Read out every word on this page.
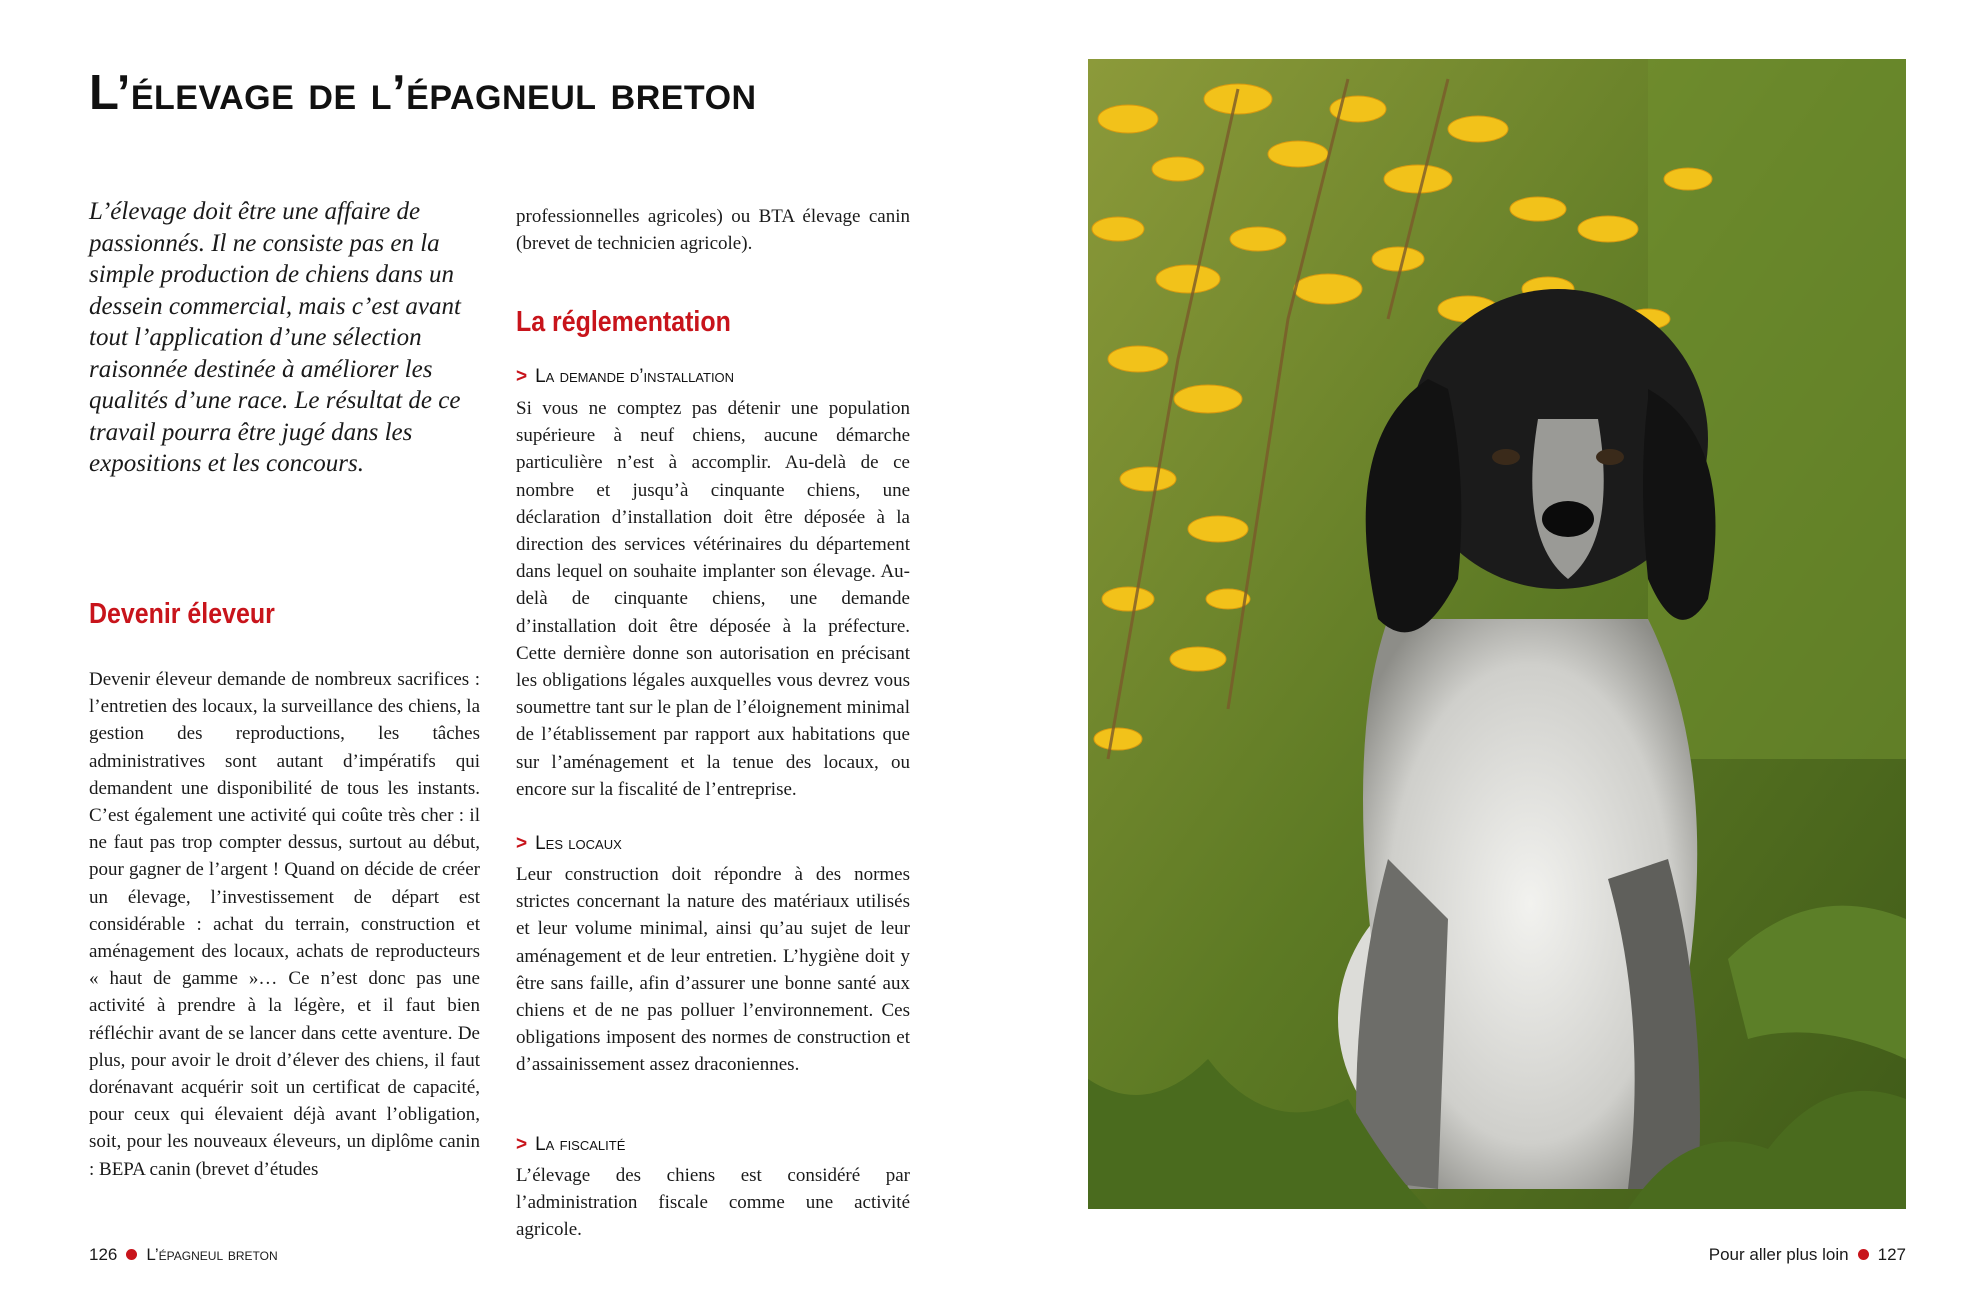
L’élevage de l’épagneul breton
L’élevage doit être une affaire de passionnés. Il ne consiste pas en la simple production de chiens dans un dessein commercial, mais c’est avant tout l’application d’une sélection raisonnée destinée à améliorer les qualités d’une race. Le résultat de ce travail pourra être jugé dans les expositions et les concours.
Devenir éleveur
Devenir éleveur demande de nombreux sacrifices : l’entretien des locaux, la surveillance des chiens, la gestion des reproductions, les tâches administratives sont autant d’impératifs qui demandent une disponibilité de tous les instants. C’est également une activité qui coûte très cher : il ne faut pas trop compter dessus, surtout au début, pour gagner de l’argent ! Quand on décide de créer un élevage, l’investissement de départ est considérable : achat du terrain, construction et aménagement des locaux, achats de reproducteurs « haut de gamme »… Ce n’est donc pas une activité à prendre à la légère, et il faut bien réfléchir avant de se lancer dans cette aventure. De plus, pour avoir le droit d’élever des chiens, il faut dorénavant acquérir soit un certificat de capacité, pour ceux qui élevaient déjà avant l’obligation, soit, pour les nouveaux éleveurs, un diplôme canin : BEPA canin (brevet d’études
professionnelles agricoles) ou BTA élevage canin (brevet de technicien agricole).
La réglementation
> La demande d’installation
Si vous ne comptez pas détenir une population supérieure à neuf chiens, aucune démarche particulière n’est à accomplir. Au-delà de ce nombre et jusqu’à cinquante chiens, une déclaration d’installation doit être déposée à la direction des services vétérinaires du département dans lequel on souhaite implanter son élevage. Au-delà de cinquante chiens, une demande d’installation doit être déposée à la préfecture. Cette dernière donne son autorisation en précisant les obligations légales auxquelles vous devrez vous soumettre tant sur le plan de l’éloignement minimal de l’établissement par rapport aux habitations que sur l’aménagement et la tenue des locaux, ou encore sur la fiscalité de l’entreprise.
> Les locaux
Leur construction doit répondre à des normes strictes concernant la nature des matériaux utilisés et leur volume minimal, ainsi qu’au sujet de leur aménagement et de leur entretien. L’hygiène doit y être sans faille, afin d’assurer une bonne santé aux chiens et de ne pas polluer l’environnement. Ces obligations imposent des normes de construction et d’assainissement assez draconiennes.
> La fiscalité
L’élevage des chiens est considéré par l’administration fiscale comme une activité agricole.
126 L’épagneul breton	Pour aller plus loin 127
